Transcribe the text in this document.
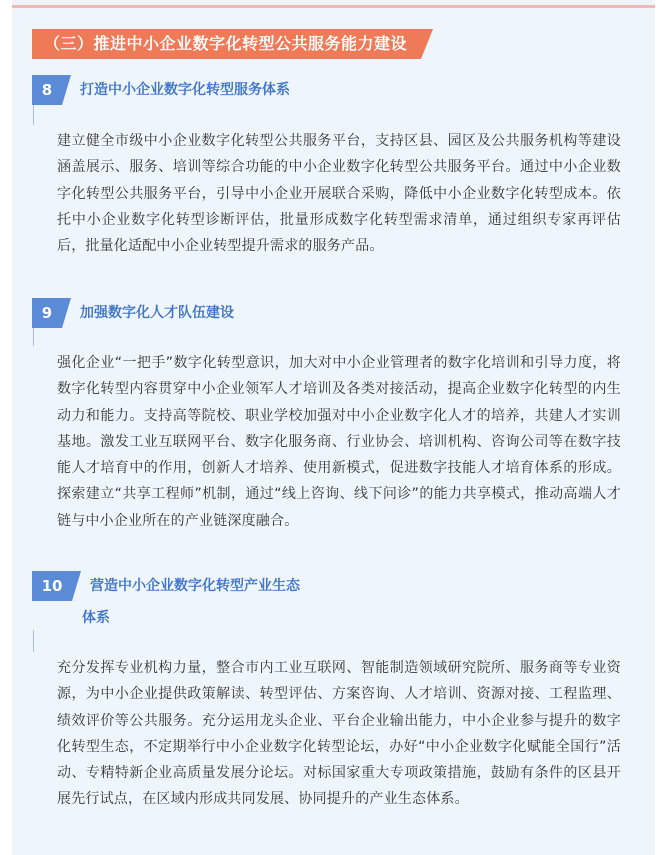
（三）推进中小企业数字化转型公共服务能力建设
8	打造中小企业数字化转型服务体系
建立健全市级中小企业数字化转型公共服务平台，支持区县、园区及公共服务机构等建设涵盖展示、服务、培训等综合功能的中小企业数字化转型公共服务平台。通过中小企业数字化转型公共服务平台，引导中小企业开展联合采购，降低中小企业数字化转型成本。依托中小企业数字化转型诊断评估，批量形成数字化转型需求清单，通过组织专家再评估后，批量化适配中小企业转型提升需求的服务产品。
9	加强数字化人才队伍建设
强化企业“一把手”数字化转型意识，加大对中小企业管理者的数字化培训和引导力度，将数字化转型内容贯穿中小企业领军人才培训及各类对接活动，提高企业数字化转型的内生动力和能力。支持高等院校、职业学校加强对中小企业数字化人才的培养，共建人才实训基地。激发工业互联网平台、数字化服务商、行业协会、培训机构、咨询公司等在数字技能人才培育中的作用，创新人才培养、使用新模式，促进数字技能人才培育体系的形成。探索建立“共享工程师”机制，通过“线上咨询、线下问诊”的能力共享模式，推动高端人才链与中小企业所在的产业链深度融合。
10	营造中小企业数字化转型产业生态
体系
充分发挥专业机构力量，整合市内工业互联网、智能制造领域研究院所、服务商等专业资源，为中小企业提供政策解读、转型评估、方案咨询、人才培训、资源对接、工程监理、绩效评价等公共服务。充分运用龙头企业、平台企业输出能力，中小企业参与提升的数字化转型生态，不定期举行中小企业数字化转型论坛，办好“中小企业数字化赋能全国行”活动、专精特新企业高质量发展分论坛。对标国家重大专项政策措施，鼓励有条件的区县开展先行试点，在区域内形成共同发展、协同提升的产业生态体系。
